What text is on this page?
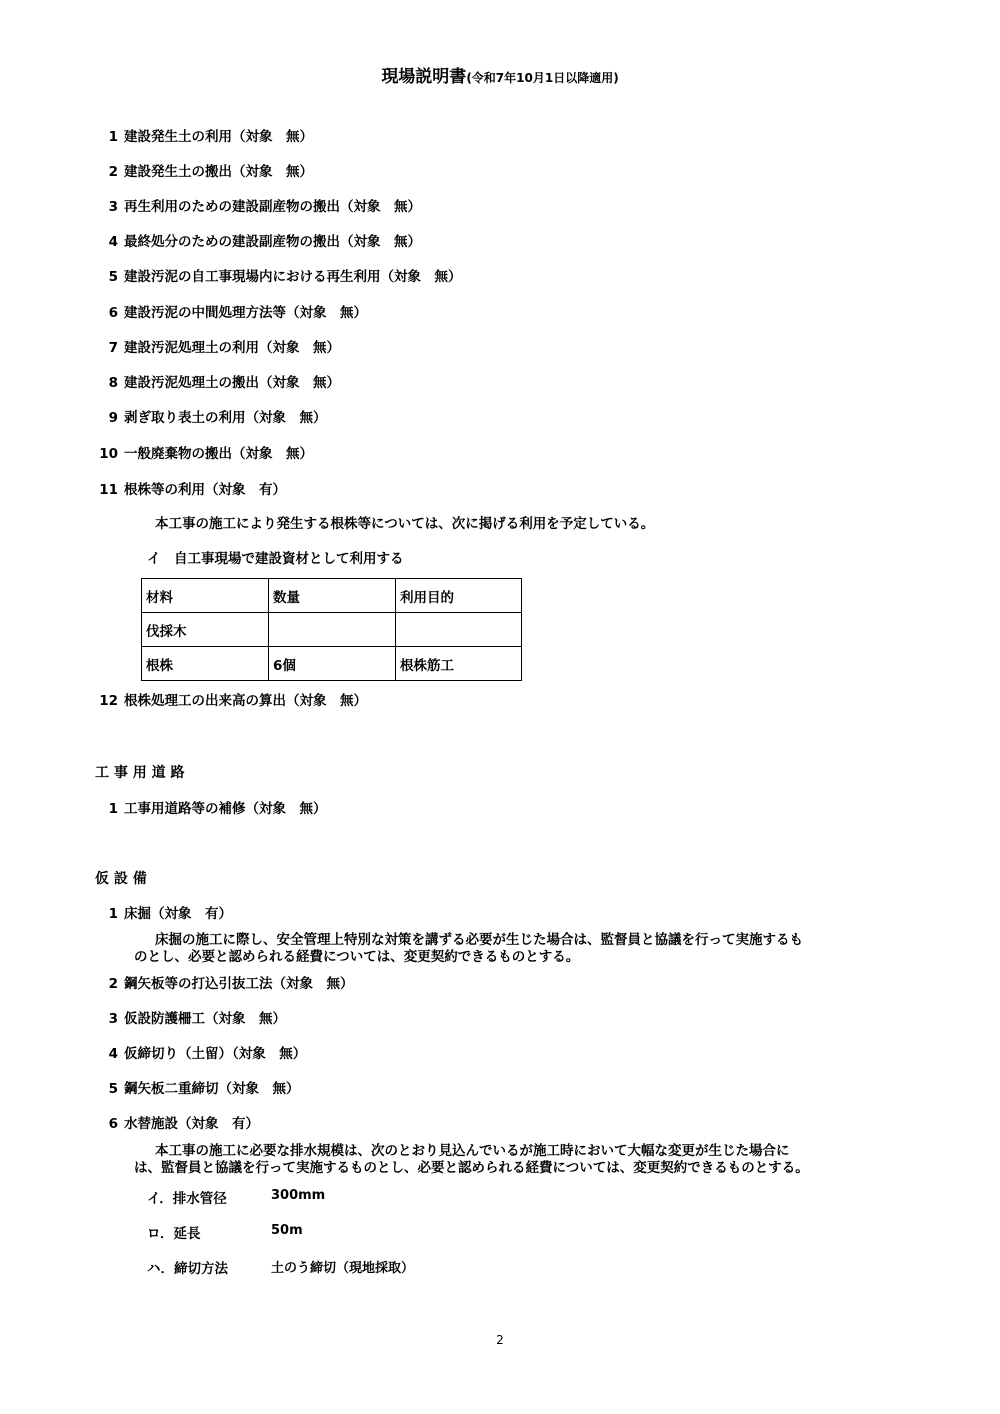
現場説明書(令和7年10月1日以降適用)
1 建設発生土の利用（対象　無）
2 建設発生土の搬出（対象　無）
3 再生利用のための建設副産物の搬出（対象　無）
4 最終処分のための建設副産物の搬出（対象　無）
5 建設汚泥の自工事現場内における再生利用（対象　無）
6 建設汚泥の中間処理方法等（対象　無）
7 建設汚泥処理土の利用（対象　無）
8 建設汚泥処理土の搬出（対象　無）
9 剥ぎ取り表土の利用（対象　無）
10 一般廃棄物の搬出（対象　無）
11 根株等の利用（対象　有）
本工事の施工により発生する根株等については、次に掲げる利用を予定している。
イ　自工事現場で建設資材として利用する
材料	数量	利用目的
伐採木		
根株	6個	根株筋工
12 根株処理工の出来高の算出（対象　無）
工 事 用 道 路
1 工事用道路等の補修（対象　無）
仮 設 備
1 床掘（対象　有）
床掘の施工に際し、安全管理上特別な対策を講ずる必要が生じた場合は、監督員と協議を行って実施するも
のとし、必要と認められる経費については、変更契約できるものとする。
2 鋼矢板等の打込引抜工法（対象　無）
3 仮設防護柵工（対象　無）
4 仮締切り（土留）（対象　無）
5 鋼矢板二重締切（対象　無）
6 水替施設（対象　有）
本工事の施工に必要な排水規模は、次のとおり見込んでいるが施工時において大幅な変更が生じた場合に
は、監督員と協議を行って実施するものとし、必要と認められる経費については、変更契約できるものとする。
イ．排水管径	300mm
ロ．延長	50m
ハ．締切方法	土のう締切（現地採取）
2
